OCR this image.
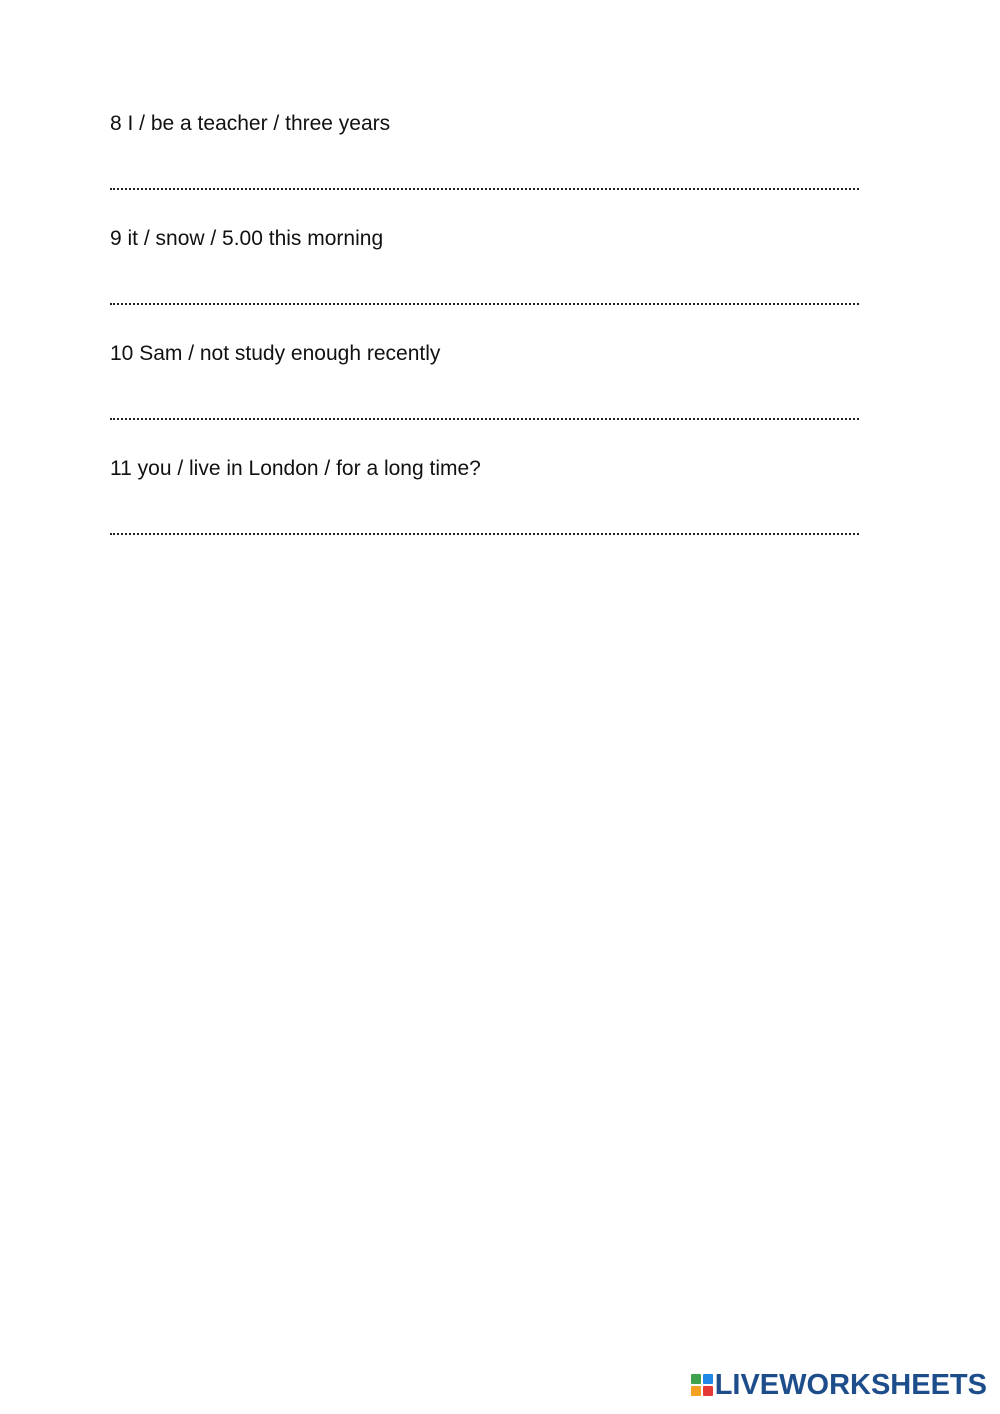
8 I / be a teacher / three years
9 it / snow / 5.00 this morning
10 Sam / not study enough recently
11 you / live in London / for a long time?
LIVEWORKSHEETS
